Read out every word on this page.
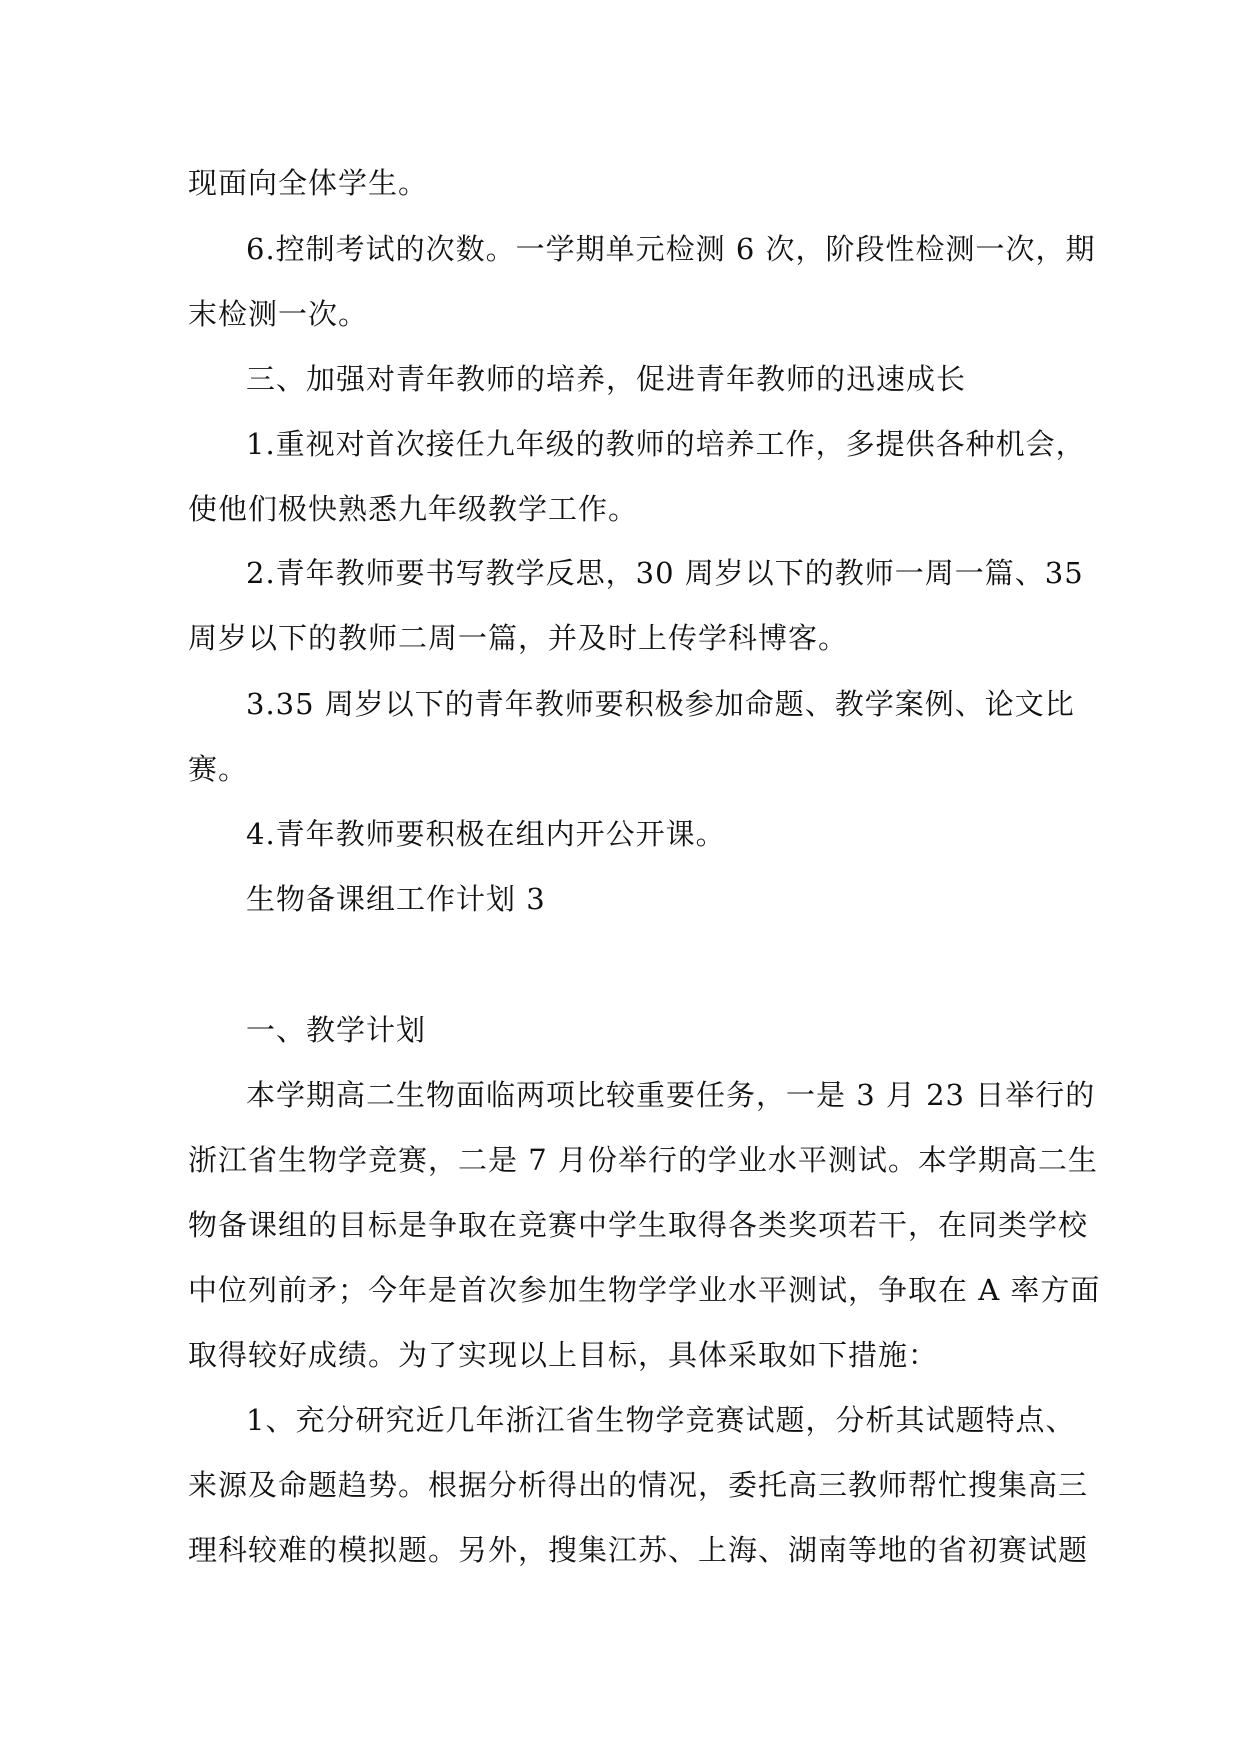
现面向全体学生。
6.控制考试的次数。一学期单元检测 6 次，阶段性检测一次，期
末检测一次。
三、加强对青年教师的培养，促进青年教师的迅速成长
1.重视对首次接任九年级的教师的培养工作，多提供各种机会，
使他们极快熟悉九年级教学工作。
2.青年教师要书写教学反思，30 周岁以下的教师一周一篇、35
周岁以下的教师二周一篇，并及时上传学科博客。
3.35 周岁以下的青年教师要积极参加命题、教学案例、论文比
赛。
4.青年教师要积极在组内开公开课。
生物备课组工作计划 3
一、教学计划
本学期高二生物面临两项比较重要任务，一是 3 月 23 日举行的
浙江省生物学竞赛，二是 7 月份举行的学业水平测试。本学期高二生
物备课组的目标是争取在竞赛中学生取得各类奖项若干，在同类学校
中位列前矛；今年是首次参加生物学学业水平测试，争取在 A 率方面
取得较好成绩。为了实现以上目标，具体采取如下措施：
1、充分研究近几年浙江省生物学竞赛试题，分析其试题特点、
来源及命题趋势。根据分析得出的情况，委托高三教师帮忙搜集高三
理科较难的模拟题。另外，搜集江苏、上海、湖南等地的省初赛试题
